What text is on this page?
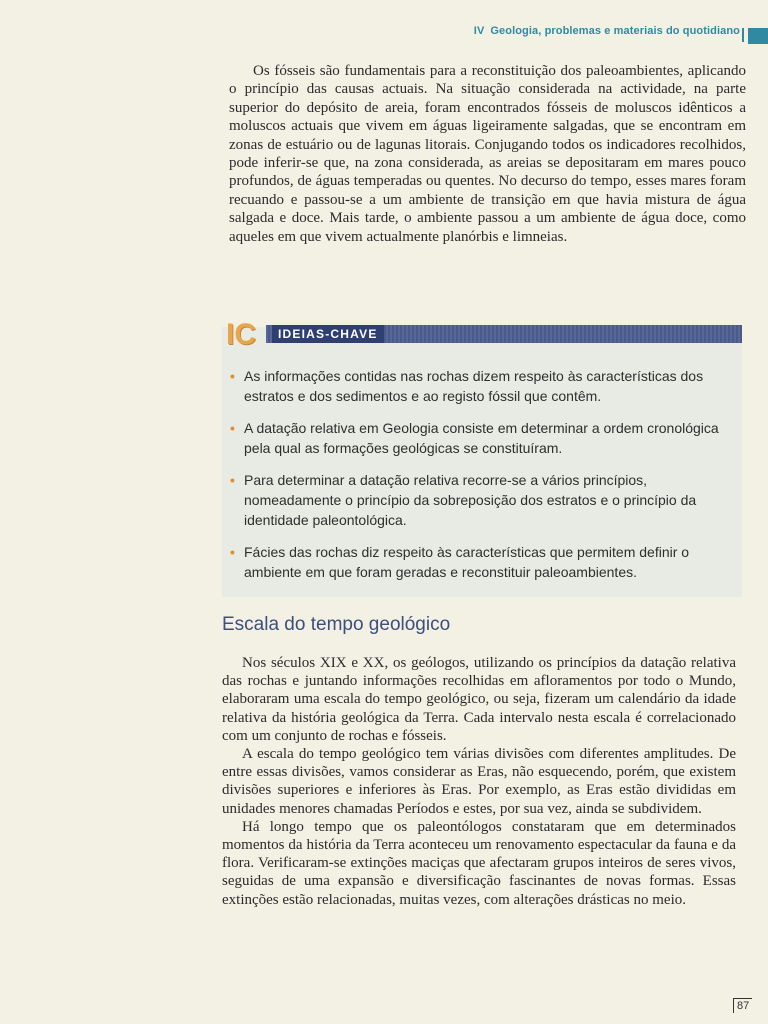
IV Geologia, problemas e materiais do quotidiano
Os fósseis são fundamentais para a reconstituição dos paleoambientes, aplicando o princípio das causas actuais. Na situação considerada na actividade, na parte superior do depósito de areia, foram encontrados fósseis de moluscos idênticos a moluscos actuais que vivem em águas ligeiramente salgadas, que se encontram em zonas de estuário ou de lagunas litorais. Conjugando todos os indicadores recolhidos, pode inferir-se que, na zona considerada, as areias se depositaram em mares pouco profundos, de águas temperadas ou quentes. No decurso do tempo, esses mares foram recuando e passou-se a um ambiente de transição em que havia mistura de água salgada e doce. Mais tarde, o ambiente passou a um ambiente de água doce, como aqueles em que vivem actualmente planórbis e limneias.
IC	IDEIAS-CHAVE
• As informações contidas nas rochas dizem respeito às características dos estratos e dos sedimentos e ao registo fóssil que contêm.
• A datação relativa em Geologia consiste em determinar a ordem cronológica pela qual as formações geológicas se constituíram.
• Para determinar a datação relativa recorre-se a vários princípios, nomeadamente o princípio da sobreposição dos estratos e o princípio da identidade paleontológica.
• Fácies das rochas diz respeito às características que permitem definir o ambiente em que foram geradas e reconstituir paleoambientes.
Escala do tempo geológico

Nos séculos XIX e XX, os geólogos, utilizando os princípios da datação relativa das rochas e juntando informações recolhidas em afloramentos por todo o Mundo, elaboraram uma escala do tempo geológico, ou seja, fizeram um calendário da idade relativa da história geológica da Terra. Cada intervalo nesta escala é correlacionado com um conjunto de rochas e fósseis.

A escala do tempo geológico tem várias divisões com diferentes amplitudes. De entre essas divisões, vamos considerar as Eras, não esquecendo, porém, que existem divisões superiores e inferiores às Eras. Por exemplo, as Eras estão divididas em unidades menores chamadas Períodos e estes, por sua vez, ainda se subdividem.

Há longo tempo que os paleontólogos constataram que em determinados momentos da história da Terra aconteceu um renovamento espectacular da fauna e da flora. Verificaram-se extinções maciças que afectaram grupos inteiros de seres vivos, seguidas de uma expansão e diversificação fascinantes de novas formas. Essas extinções estão relacionadas, muitas vezes, com alterações drásticas no meio.

87
